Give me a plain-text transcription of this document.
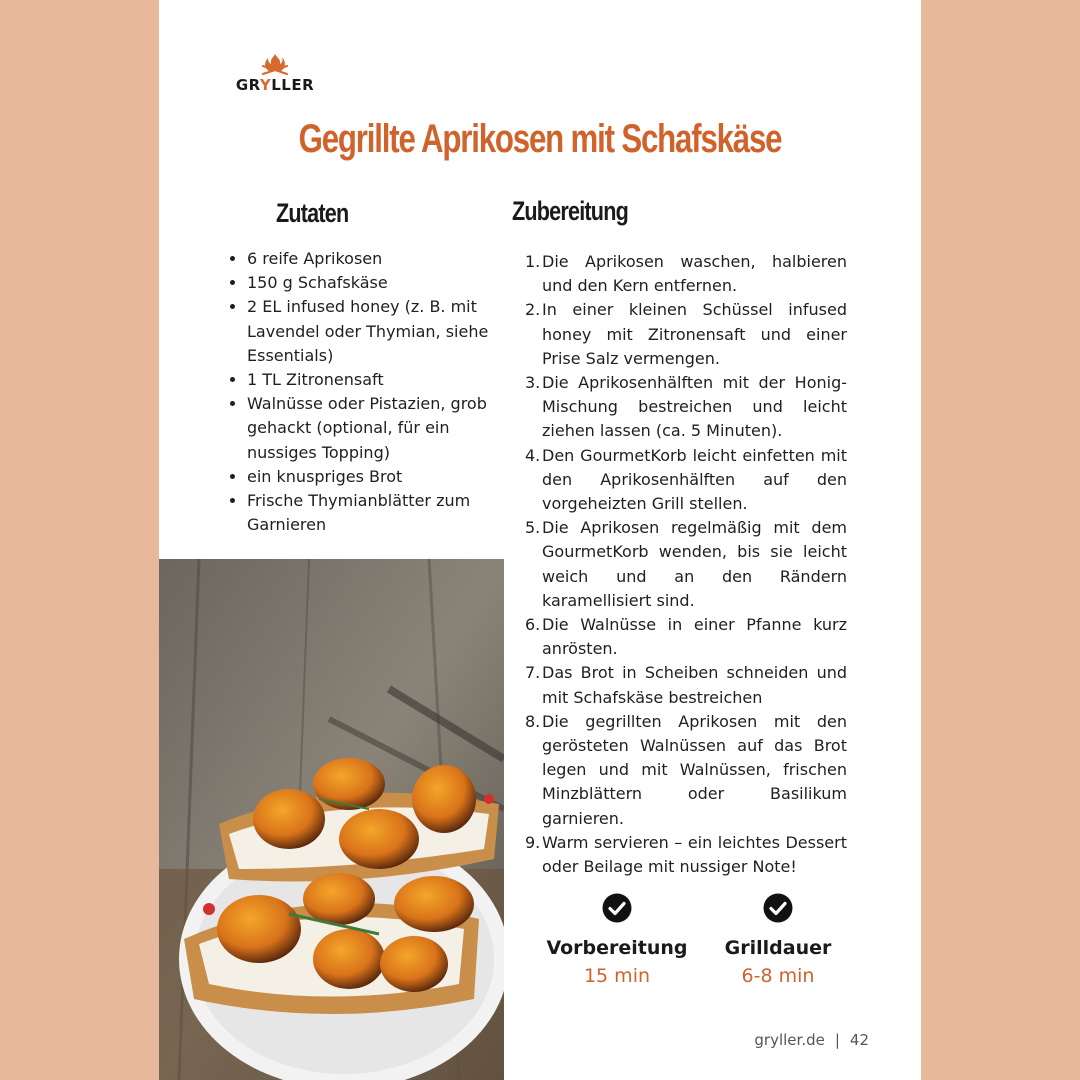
GRYLLER
Gegrillte Aprikosen mit Schafskäse
Zutaten	Zubereitung
• 6 reife Aprikosen
• 150 g Schafskäse
• 2 EL infused honey (z. B. mit Lavendel oder Thymian, siehe Essentials)
• 1 TL Zitronensaft
• Walnüsse oder Pistazien, grob gehackt (optional, für ein nussiges Topping)
• ein knuspriges Brot
• Frische Thymianblätter zum Garnieren
1. Die Aprikosen waschen, halbieren und den Kern entfernen.
2. In einer kleinen Schüssel infused honey mit Zitronensaft und einer Prise Salz vermengen.
3. Die Aprikosenhälften mit der Honig-Mischung bestreichen und leicht ziehen lassen (ca. 5 Minuten).
4. Den GourmetKorb leicht einfetten mit den Aprikosenhälften auf den vorgeheizten Grill stellen.
5. Die Aprikosen regelmäßig mit dem GourmetKorb wenden, bis sie leicht weich und an den Rändern karamellisiert sind.
6. Die Walnüsse in einer Pfanne kurz anrösten.
7. Das Brot in Scheiben schneiden und mit Schafskäse bestreichen
8. Die gegrillten Aprikosen mit den gerösteten Walnüssen auf das Brot legen und mit Walnüssen, frischen Minzblättern oder Basilikum garnieren.
9. Warm servieren – ein leichtes Dessert oder Beilage mit nussiger Note!
Vorbereitung
15 min
Grilldauer
6-8 min
gryller.de | 42
